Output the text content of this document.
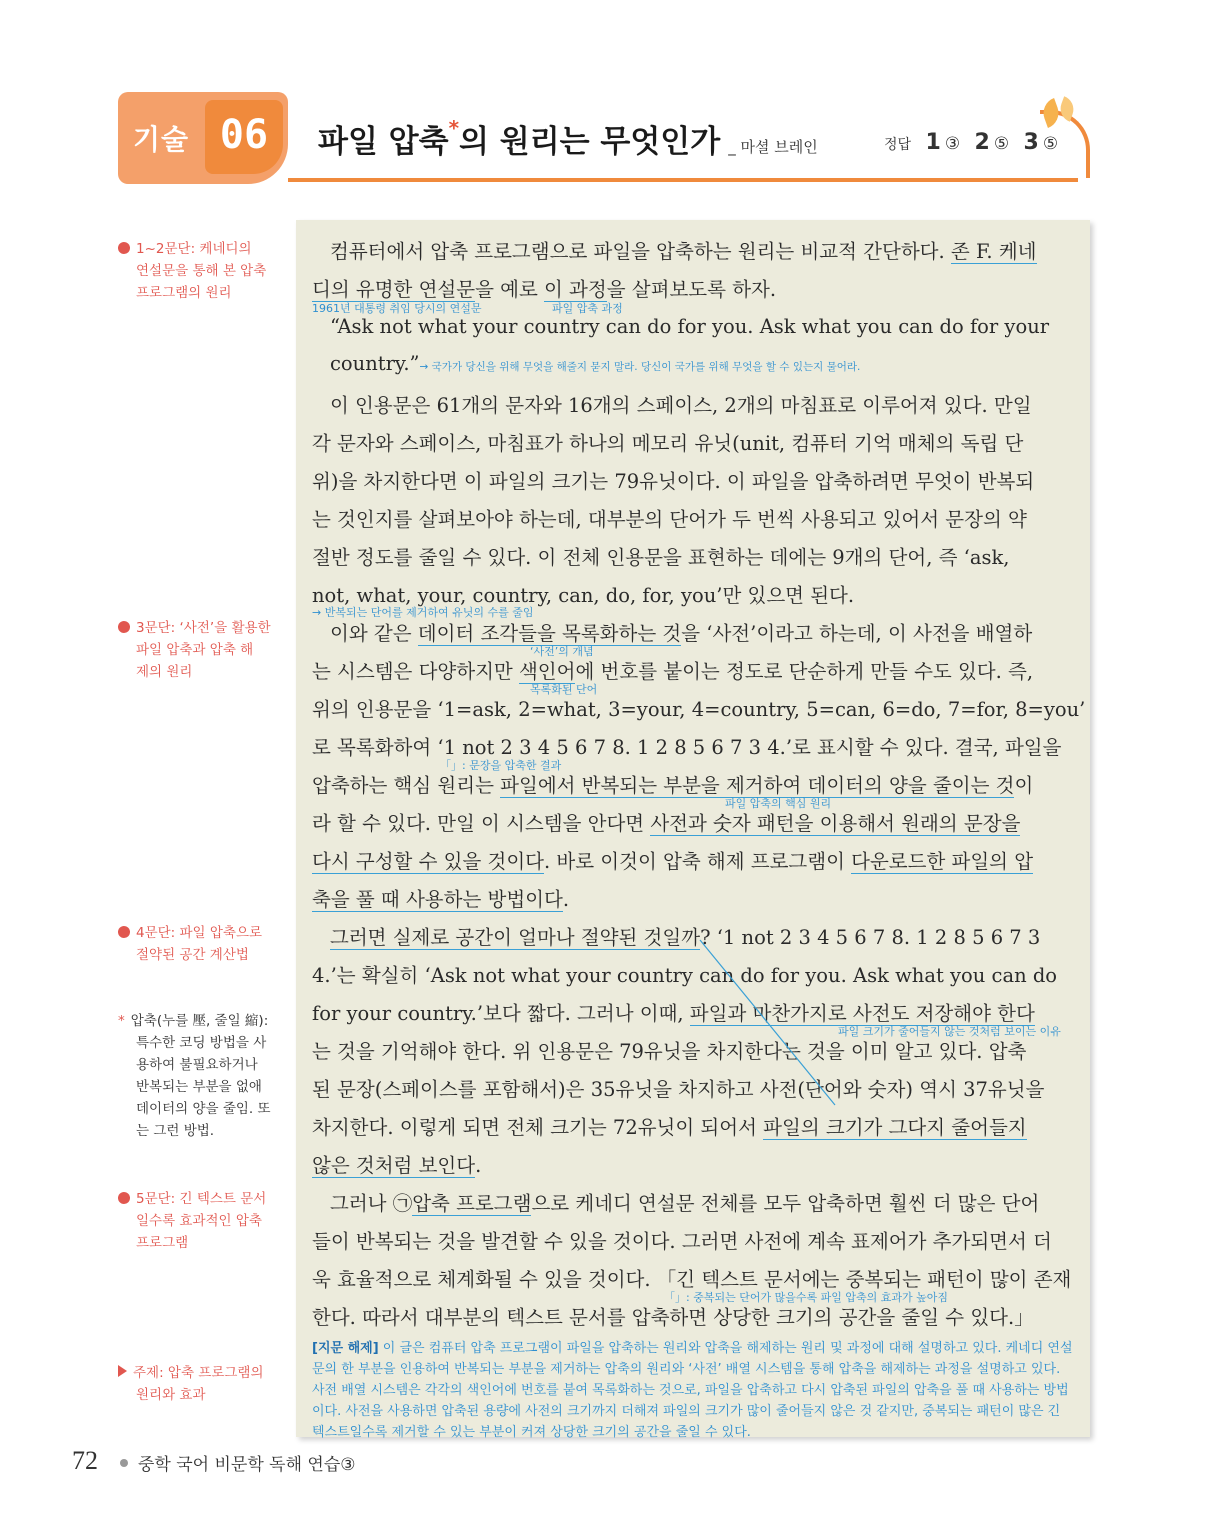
기술 06	파일 압축*의 원리는 무엇인가 _ 마셜 브레인	정답 1 ③ 2 ⑤ 3 ⑤
1~2문단: 케네디의
연설문을 통해 본 압축
프로그램의 원리
3문단: ‘사전’을 활용한
파일 압축과 압축 해
제의 원리
4문단: 파일 압축으로
절약된 공간 계산법
* 압축(누를 壓, 줄일 縮):
특수한 코딩 방법을 사
용하여 불필요하거나
반복되는 부분을 없애
데이터의 양을 줄임. 또
는 그런 방법.
5문단: 긴 텍스트 문서
일수록 효과적인 압축
프로그램
주제: 압축 프로그램의
원리와 효과
컴퓨터에서 압축 프로그램으로 파일을 압축하는 원리는 비교적 간단하다. 존 F. 케네
디의 유명한 연설문을 예로 이 과정을 살펴보도록 하자.
1961년 대통령 취임 당시의 연설문	파일 압축 과정
“Ask not what your country can do for you. Ask what you can do for your
country.”→ 국가가 당신을 위해 무엇을 해줄지 묻지 말라. 당신이 국가를 위해 무엇을 할 수 있는지 물어라.
이 인용문은 61개의 문자와 16개의 스페이스, 2개의 마침표로 이루어져 있다. 만일
각 문자와 스페이스, 마침표가 하나의 메모리 유닛(unit, 컴퓨터 기억 매체의 독립 단
위)을 차지한다면 이 파일의 크기는 79유닛이다. 이 파일을 압축하려면 무엇이 반복되
는 것인지를 살펴보아야 하는데, 대부분의 단어가 두 번씩 사용되고 있어서 문장의 약
절반 정도를 줄일 수 있다. 이 전체 인용문을 표현하는 데에는 9개의 단어, 즉 ‘ask,
not, what, your, country, can, do, for, you’만 있으면 된다.
→ 반복되는 단어를 제거하여 유닛의 수를 줄임
이와 같은 데이터 조각들을 목록화하는 것을 ‘사전’이라고 하는데, 이 사전을 배열하
‘사전’의 개념
는 시스템은 다양하지만 색인어에 번호를 붙이는 정도로 단순하게 만들 수도 있다. 즉,
목록화된 단어
위의 인용문을 ‘1=ask, 2=what, 3=your, 4=country, 5=can, 6=do, 7=for, 8=you’
로 목록화하여 ‘1 not 2 3 4 5 6 7 8. 1 2 8 5 6 7 3 4.’로 표시할 수 있다. 결국, 파일을
「」: 문장을 압축한 결과
압축하는 핵심 원리는 파일에서 반복되는 부분을 제거하여 데이터의 양을 줄이는 것이
파일 압축의 핵심 원리
라 할 수 있다. 만일 이 시스템을 안다면 사전과 숫자 패턴을 이용해서 원래의 문장을
다시 구성할 수 있을 것이다. 바로 이것이 압축 해제 프로그램이 다운로드한 파일의 압
축을 풀 때 사용하는 방법이다.
그러면 실제로 공간이 얼마나 절약된 것일까? ‘1 not 2 3 4 5 6 7 8. 1 2 8 5 6 7 3
4.’는 확실히 ‘Ask not what your country can do for you. Ask what you can do
for your country.’보다 짧다. 그러나 이때, 파일과 마찬가지로 사전도 저장해야 한다
파일 크기가 줄어들지 않는 것처럼 보이는 이유
는 것을 기억해야 한다. 위 인용문은 79유닛을 차지한다는 것을 이미 알고 있다. 압축
된 문장(스페이스를 포함해서)은 35유닛을 차지하고 사전(단어와 숫자) 역시 37유닛을
차지한다. 이렇게 되면 전체 크기는 72유닛이 되어서 파일의 크기가 그다지 줄어들지
않은 것처럼 보인다.
그러나 ㉠압축 프로그램으로 케네디 연설문 전체를 모두 압축하면 훨씬 더 많은 단어
들이 반복되는 것을 발견할 수 있을 것이다. 그러면 사전에 계속 표제어가 추가되면서 더
욱 효율적으로 체계화될 수 있을 것이다. 「긴 텍스트 문서에는 중복되는 패턴이 많이 존재
「」: 중복되는 단어가 많을수록 파일 압축의 효과가 높아짐
한다. 따라서 대부분의 텍스트 문서를 압축하면 상당한 크기의 공간을 줄일 수 있다.」
[지문 해제] 이 글은 컴퓨터 압축 프로그램이 파일을 압축하는 원리와 압축을 해제하는 원리 및 과정에 대해 설명하고 있다. 케네디 연설문의 한 부분을 인용하여 반복되는 부분을 제거하는 압축의 원리와 ‘사전’ 배열 시스템을 통해 압축을 해제하는 과정을 설명하고 있다. 사전 배열 시스템은 각각의 색인어에 번호를 붙여 목록화하는 것으로, 파일을 압축하고 다시 압축된 파일의 압축을 풀 때 사용하는 방법이다. 사전을 사용하면 압축된 용량에 사전의 크기까지 더해져 파일의 크기가 많이 줄어들지 않은 것 같지만, 중복되는 패턴이 많은 긴 텍스트일수록 제거할 수 있는 부분이 커져 상당한 크기의 공간을 줄일 수 있다.
72 중학 국어 비문학 독해 연습③
